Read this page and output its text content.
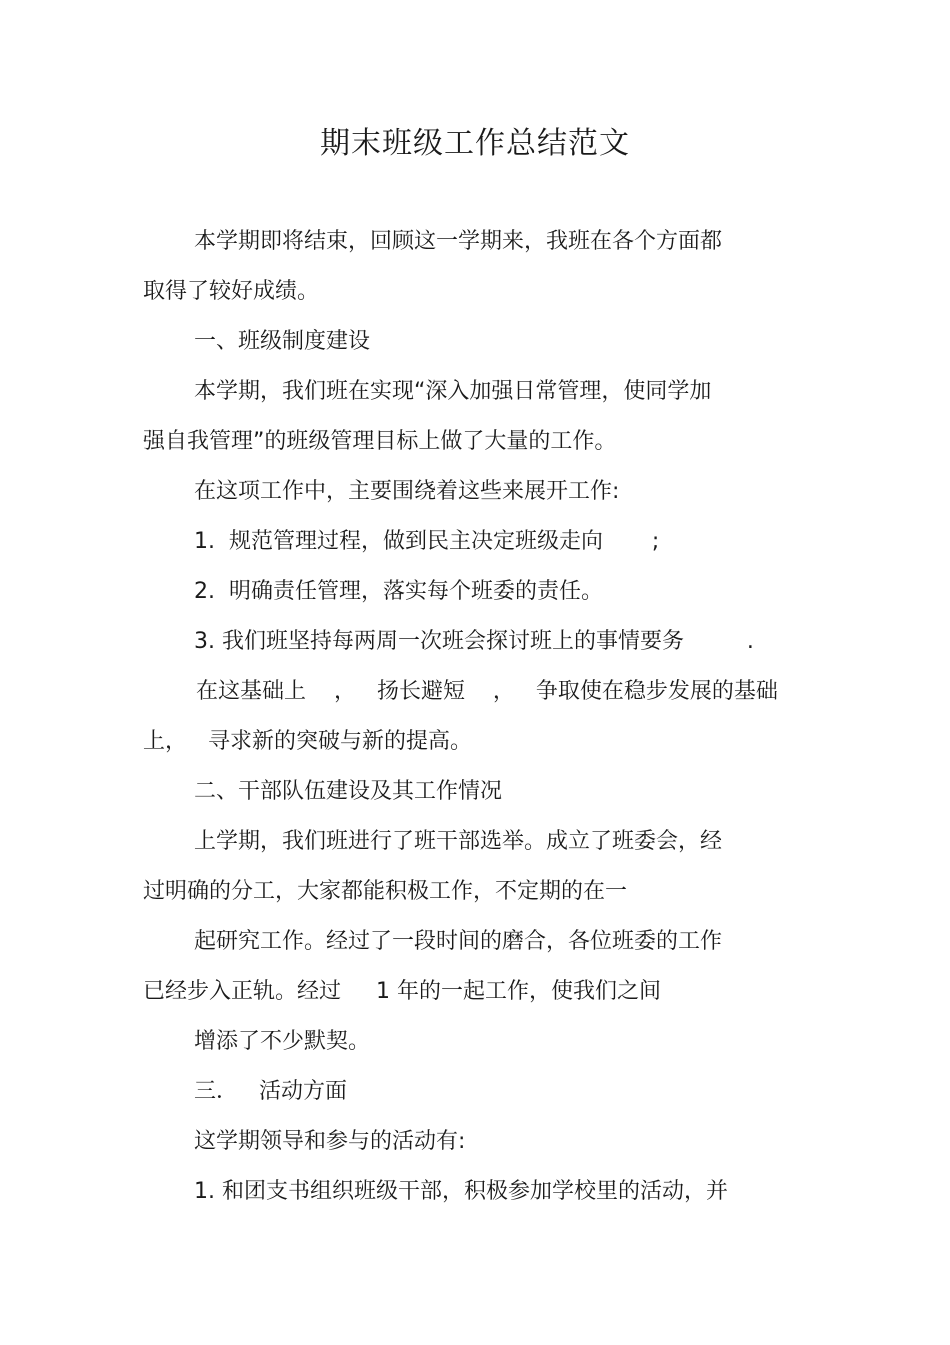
期末班级工作总结范文
本学期即将结束，回顾这一学期来，我班在各个方面都
取得了较好成绩。
一、班级制度建设
本学期，我们班在实现“深入加强日常管理，使同学加
强自我管理”的班级管理目标上做了大量的工作。
在这项工作中，主要围绕着这些来展开工作:
1.  规范管理过程，做到民主决定班级走向       ;
2.  明确责任管理，落实每个班委的责任。
3. 我们班坚持每两周一次班会探讨班上的事情要务         .
在这基础上    ，   扬长避短    ，   争取使在稳步发展的基础
上，   寻求新的突破与新的提高。
二、干部队伍建设及其工作情况
上学期，我们班进行了班干部选举。成立了班委会，经
过明确的分工，大家都能积极工作，不定期的在一
起研究工作。经过了一段时间的磨合，各位班委的工作
已经步入正轨。经过     1 年的一起工作，使我们之间
增添了不少默契。
三．   活动方面
这学期领导和参与的活动有:
1. 和团支书组织班级干部，积极参加学校里的活动，并
